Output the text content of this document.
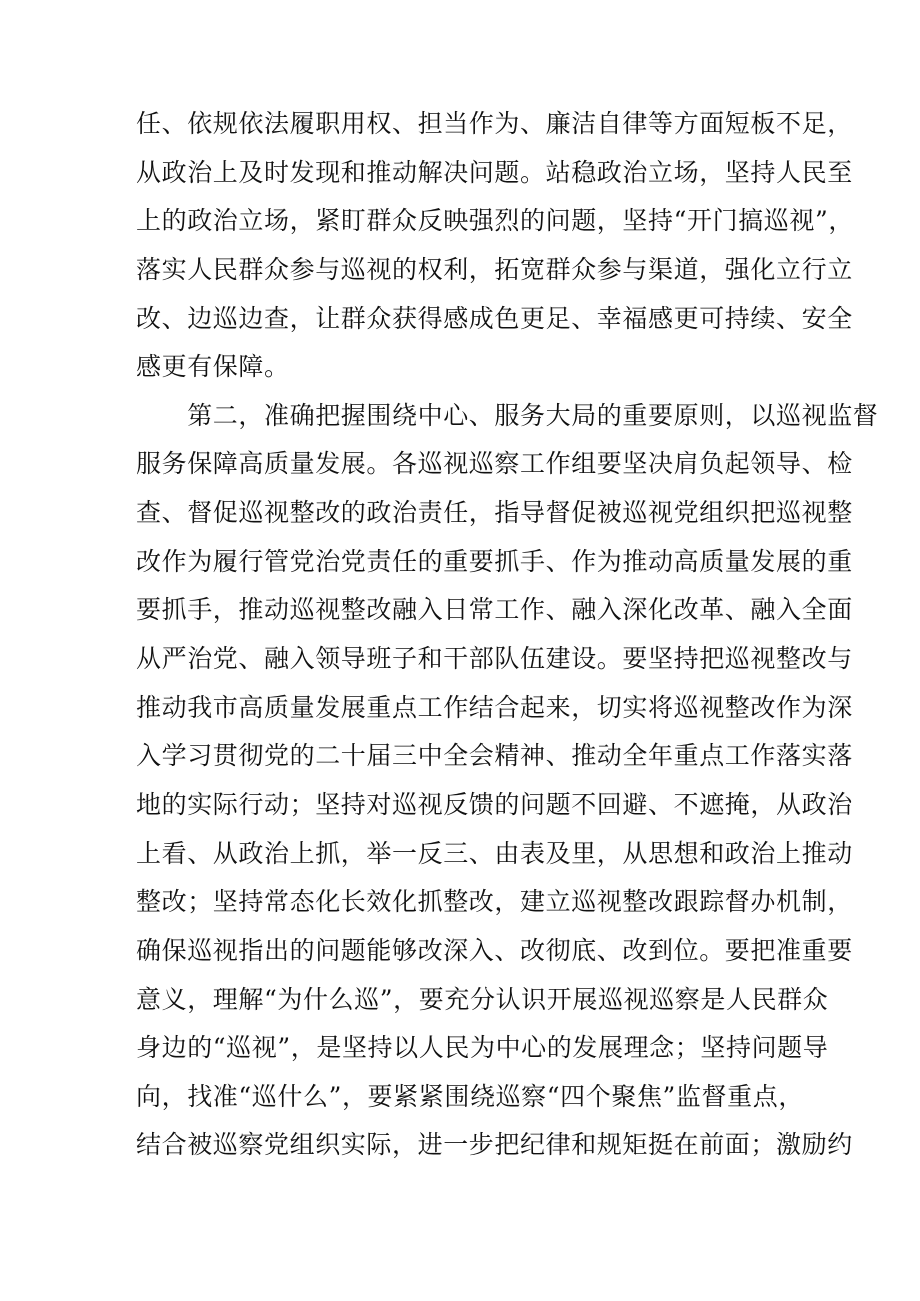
任、依规依法履职用权、担当作为、廉洁自律等方面短板不足，
从政治上及时发现和推动解决问题。站稳政治立场，坚持人民至
上的政治立场，紧盯群众反映强烈的问题，坚持“开门搞巡视”，
落实人民群众参与巡视的权利，拓宽群众参与渠道，强化立行立
改、边巡边查，让群众获得感成色更足、幸福感更可持续、安全
感更有保障。
　　第二，准确把握围绕中心、服务大局的重要原则，以巡视监督
服务保障高质量发展。各巡视巡察工作组要坚决肩负起领导、检
查、督促巡视整改的政治责任，指导督促被巡视党组织把巡视整
改作为履行管党治党责任的重要抓手、作为推动高质量发展的重
要抓手，推动巡视整改融入日常工作、融入深化改革、融入全面
从严治党、融入领导班子和干部队伍建设。要坚持把巡视整改与
推动我市高质量发展重点工作结合起来，切实将巡视整改作为深
入学习贯彻党的二十届三中全会精神、推动全年重点工作落实落
地的实际行动；坚持对巡视反馈的问题不回避、不遮掩，从政治
上看、从政治上抓，举一反三、由表及里，从思想和政治上推动
整改；坚持常态化长效化抓整改，建立巡视整改跟踪督办机制，
确保巡视指出的问题能够改深入、改彻底、改到位。要把准重要
意义，理解“为什么巡”，要充分认识开展巡视巡察是人民群众
身边的“巡视”，是坚持以人民为中心的发展理念；坚持问题导
向，找准“巡什么”，要紧紧围绕巡察“四个聚焦”监督重点，
结合被巡察党组织实际，进一步把纪律和规矩挺在前面；激励约
